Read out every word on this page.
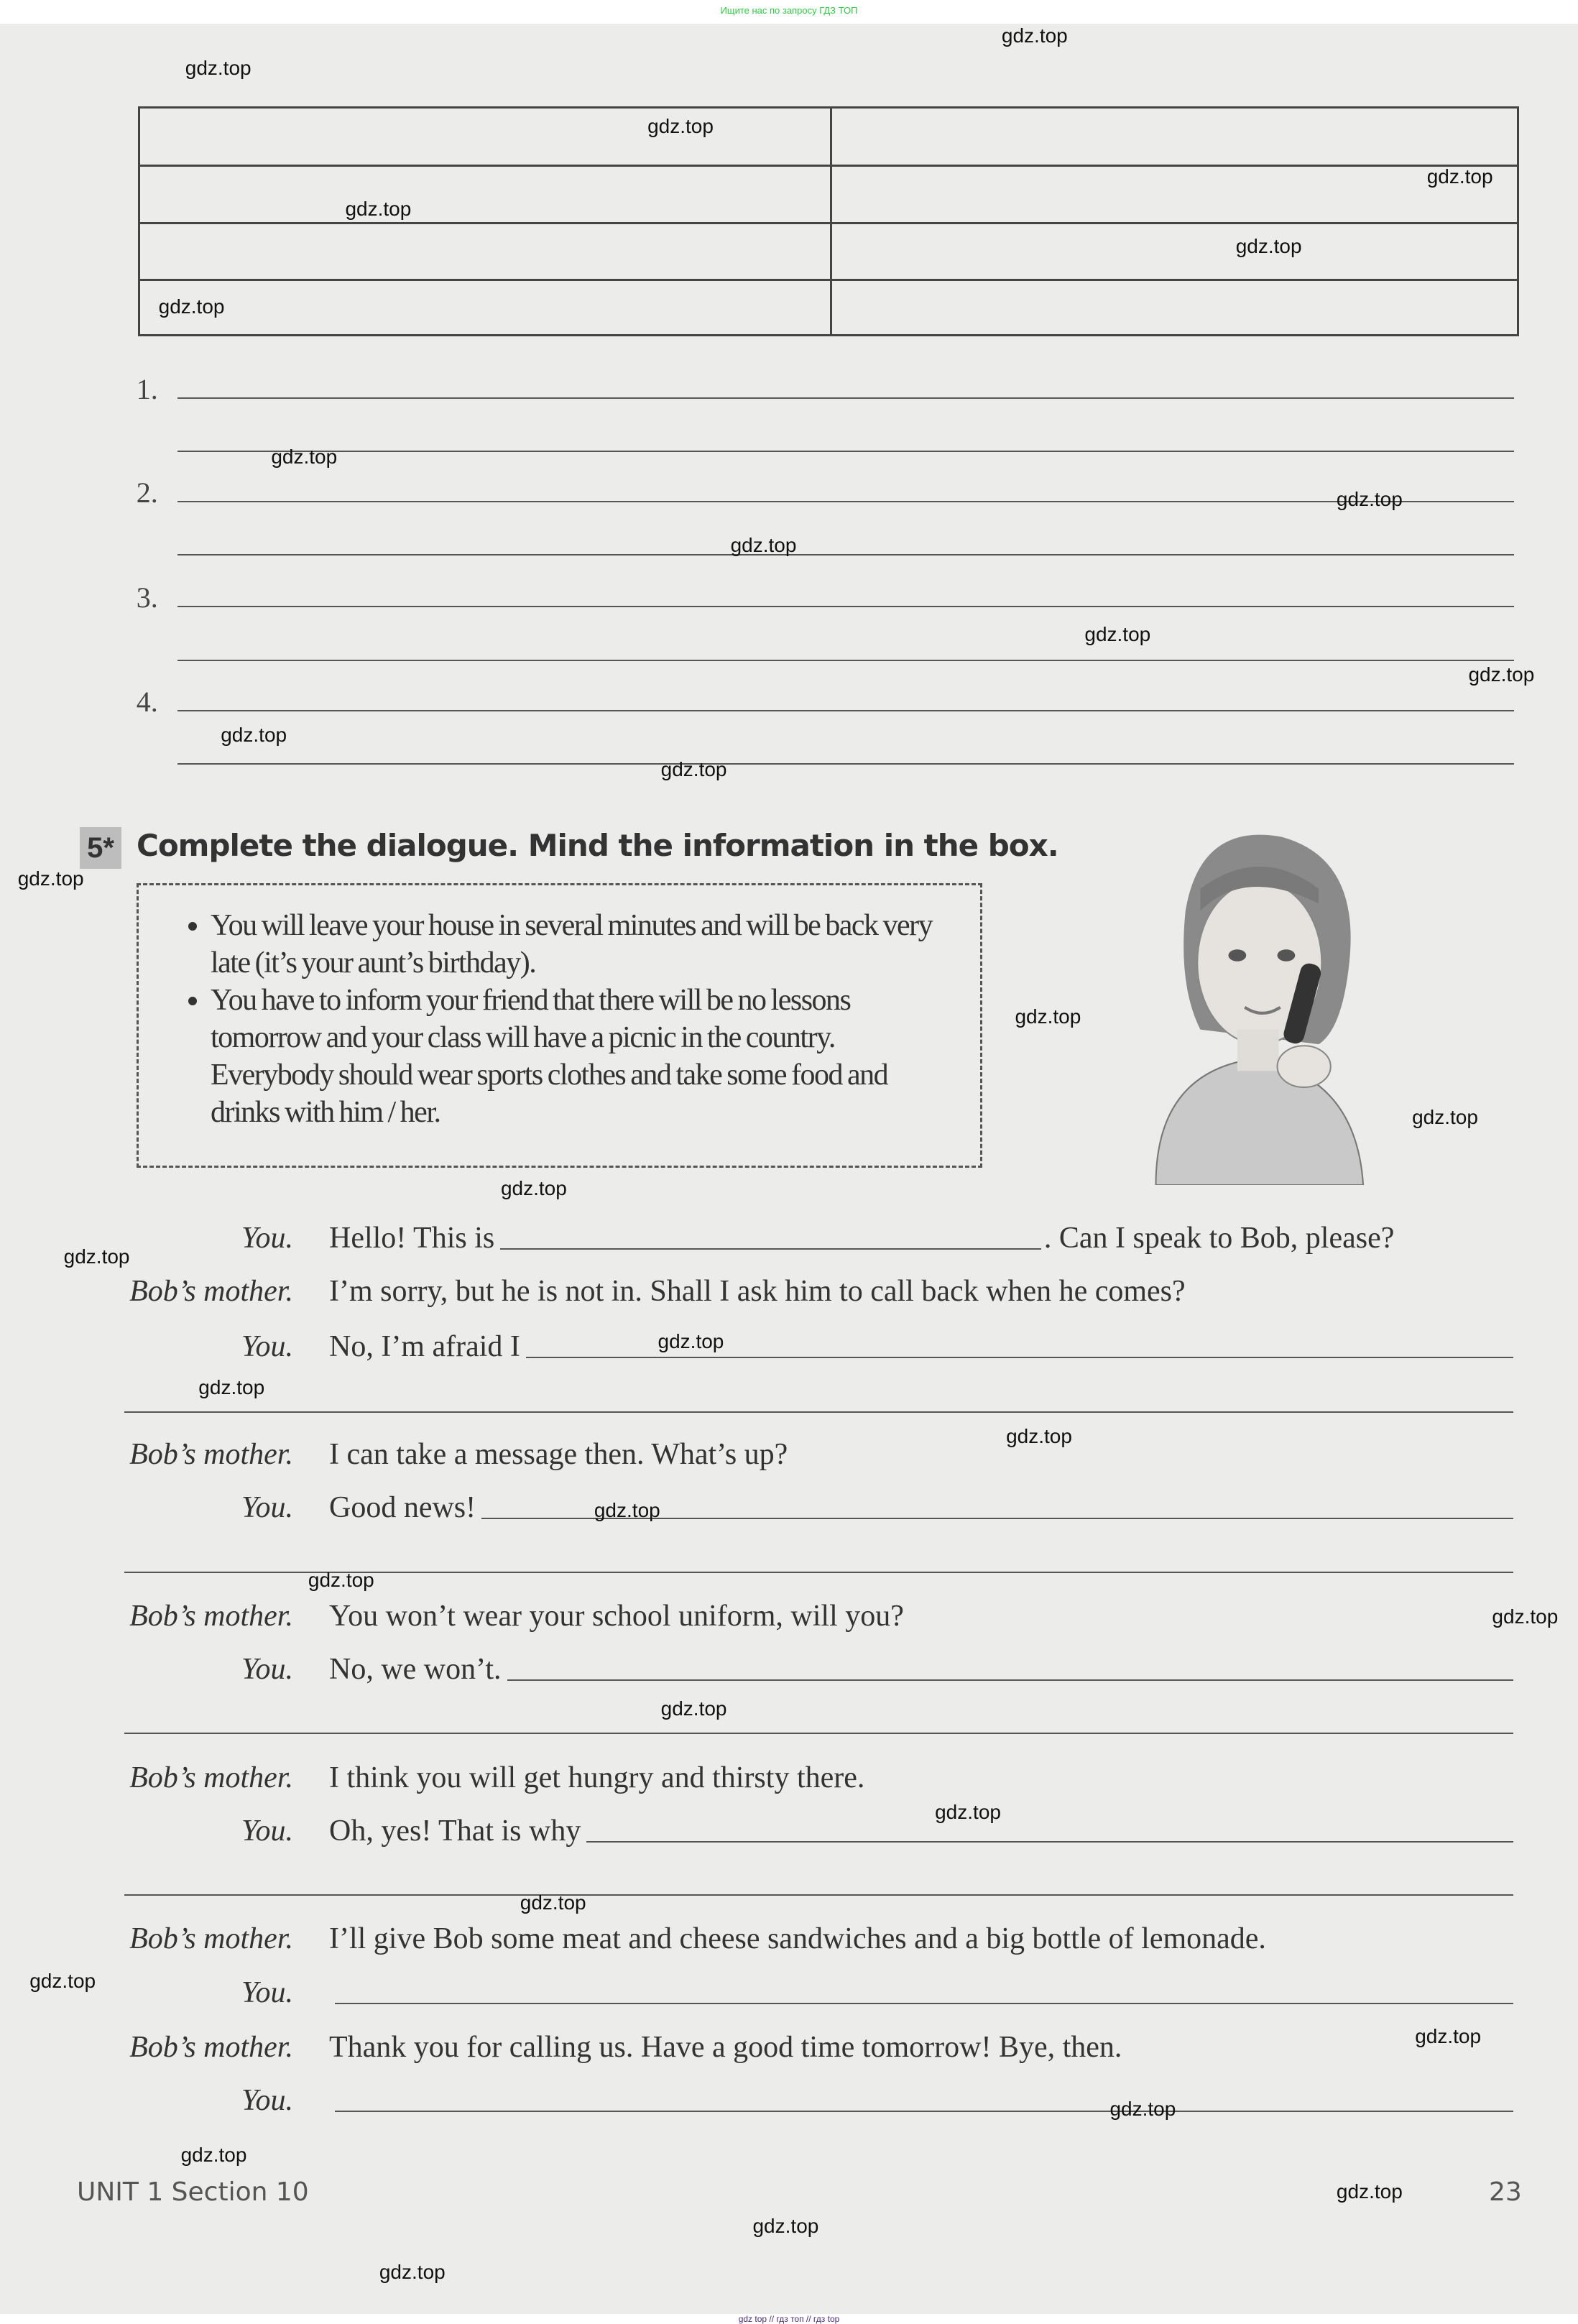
Ищите нас по запросу ГДЗ ТОП
1.
2.
3.
4.
5* Complete the dialogue. Mind the information in the box.
• You will leave your house in several minutes and will be back very late (it’s your aunt’s birthday).
• You have to inform your friend that there will be no lessons tomorrow and your class will have a picnic in the country. Everybody should wear sports clothes and take some food and drinks with him / her.
You.	Hello! This is	. Can I speak to Bob, please?
Bob’s mother.	I’m sorry, but he is not in. Shall I ask him to call back when he comes?
You.	No, I’m afraid I
Bob’s mother.	I can take a message then. What’s up?
You.	Good news!
Bob’s mother.	You won’t wear your school uniform, will you?
You.	No, we won’t.
Bob’s mother.	I think you will get hungry and thirsty there.
You.	Oh, yes! That is why
Bob’s mother.	I’ll give Bob some meat and cheese sandwiches and a big bottle of lemonade.
You.
Bob’s mother.	Thank you for calling us. Have a good time tomorrow! Bye, then.
You.
UNIT 1 Section 10	23
gdz.top
gdz.top
gdz.top
gdz.top
gdz.top
gdz.top
gdz.top
gdz.top
gdz.top
gdz.top
gdz.top
gdz.top
gdz.top
gdz.top
gdz.top
gdz.top
gdz.top
gdz.top
gdz.top
gdz.top
gdz.top
gdz.top
gdz.top
gdz.top
gdz.top
gdz.top
gdz.top
gdz.top
gdz.top
gdz.top
gdz.top
gdz.top
gdz.top
gdz.top
gdz.top
gdz top // гдз топ // гдз top
